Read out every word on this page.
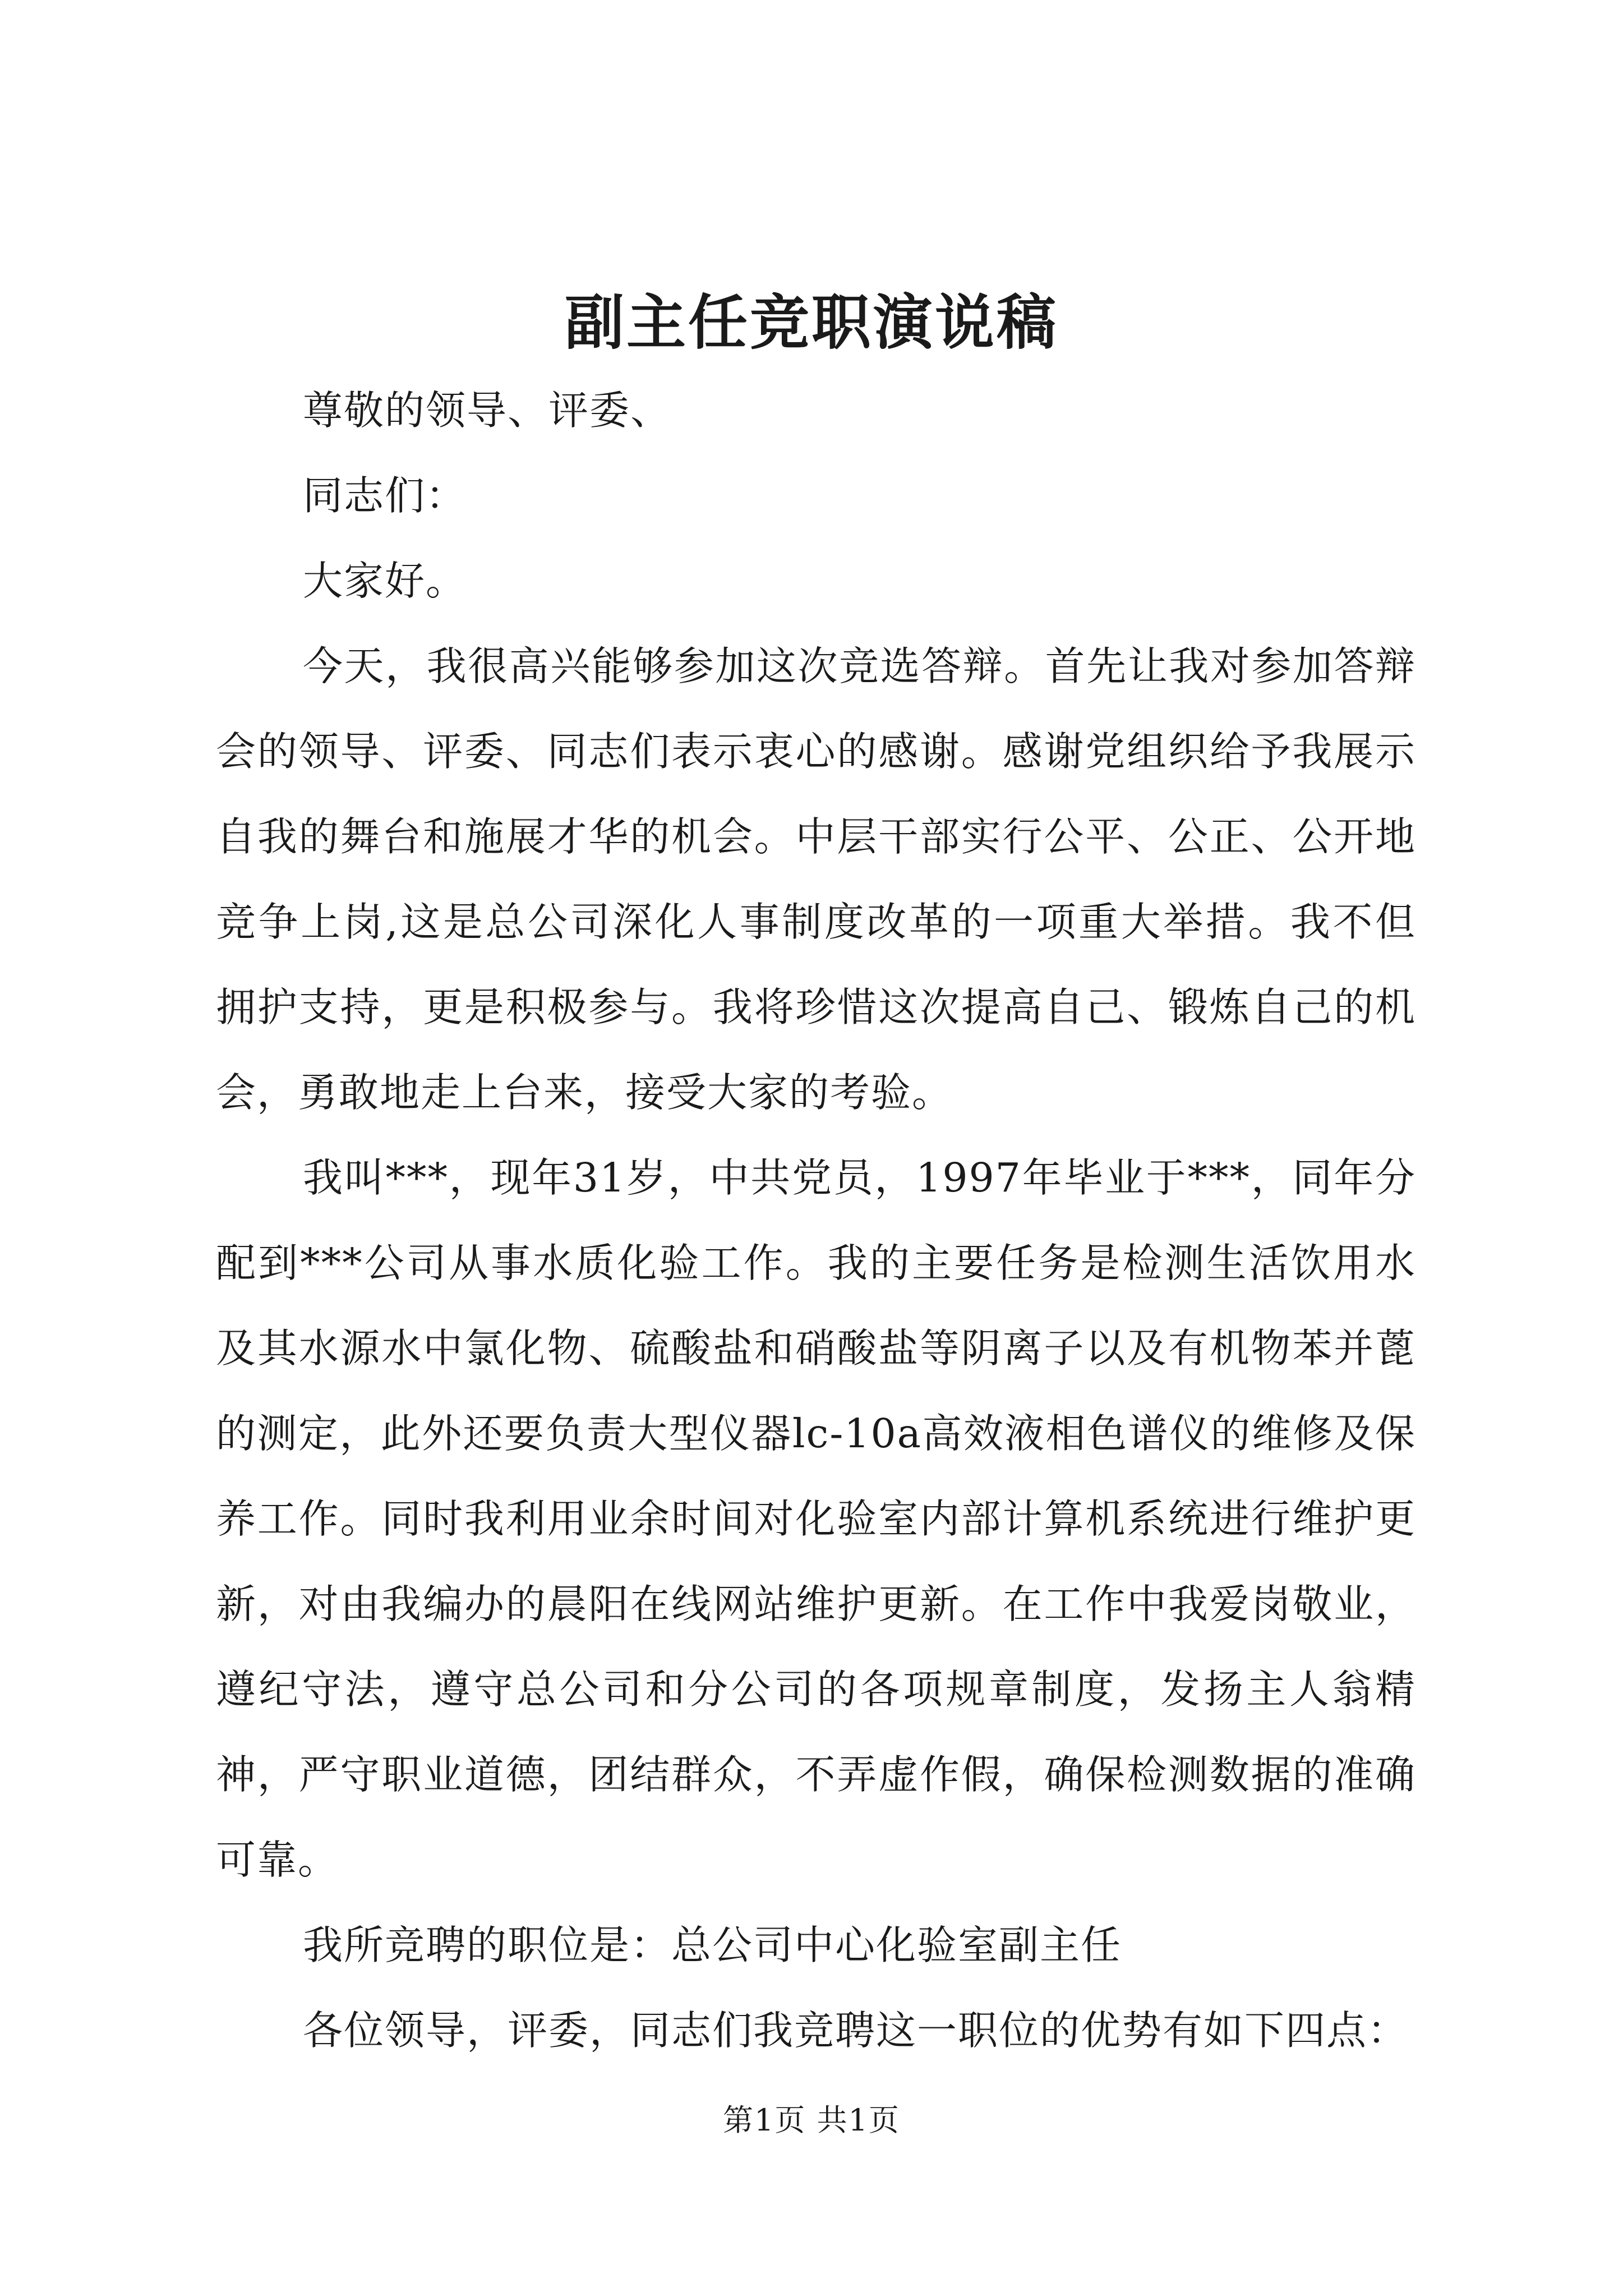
副主任竞职演说稿

尊敬的领导、评委、

同志们：

大家好。

今天，我很高兴能够参加这次竞选答辩。首先让我对参加答辩会的领导、评委、同志们表示衷心的感谢。感谢党组织给予我展示自我的舞台和施展才华的机会。中层干部实行公平、公正、公开地竞争上岗,这是总公司深化人事制度改革的一项重大举措。我不但拥护支持，更是积极参与。我将珍惜这次提高自己、锻炼自己的机会，勇敢地走上台来，接受大家的考验。

我叫***，现年31岁，中共党员，1997年毕业于***，同年分配到***公司从事水质化验工作。我的主要任务是检测生活饮用水及其水源水中氯化物、硫酸盐和硝酸盐等阴离子以及有机物苯并蓖的测定，此外还要负责大型仪器lc-10a高效液相色谱仪的维修及保养工作。同时我利用业余时间对化验室内部计算机系统进行维护更新，对由我编办的晨阳在线网站维护更新。在工作中我爱岗敬业，遵纪守法，遵守总公司和分公司的各项规章制度，发扬主人翁精神，严守职业道德，团结群众，不弄虚作假，确保检测数据的准确可靠。

我所竞聘的职位是：总公司中心化验室副主任

各位领导，评委，同志们我竞聘这一职位的优势有如下四点：

第1页 共1页
